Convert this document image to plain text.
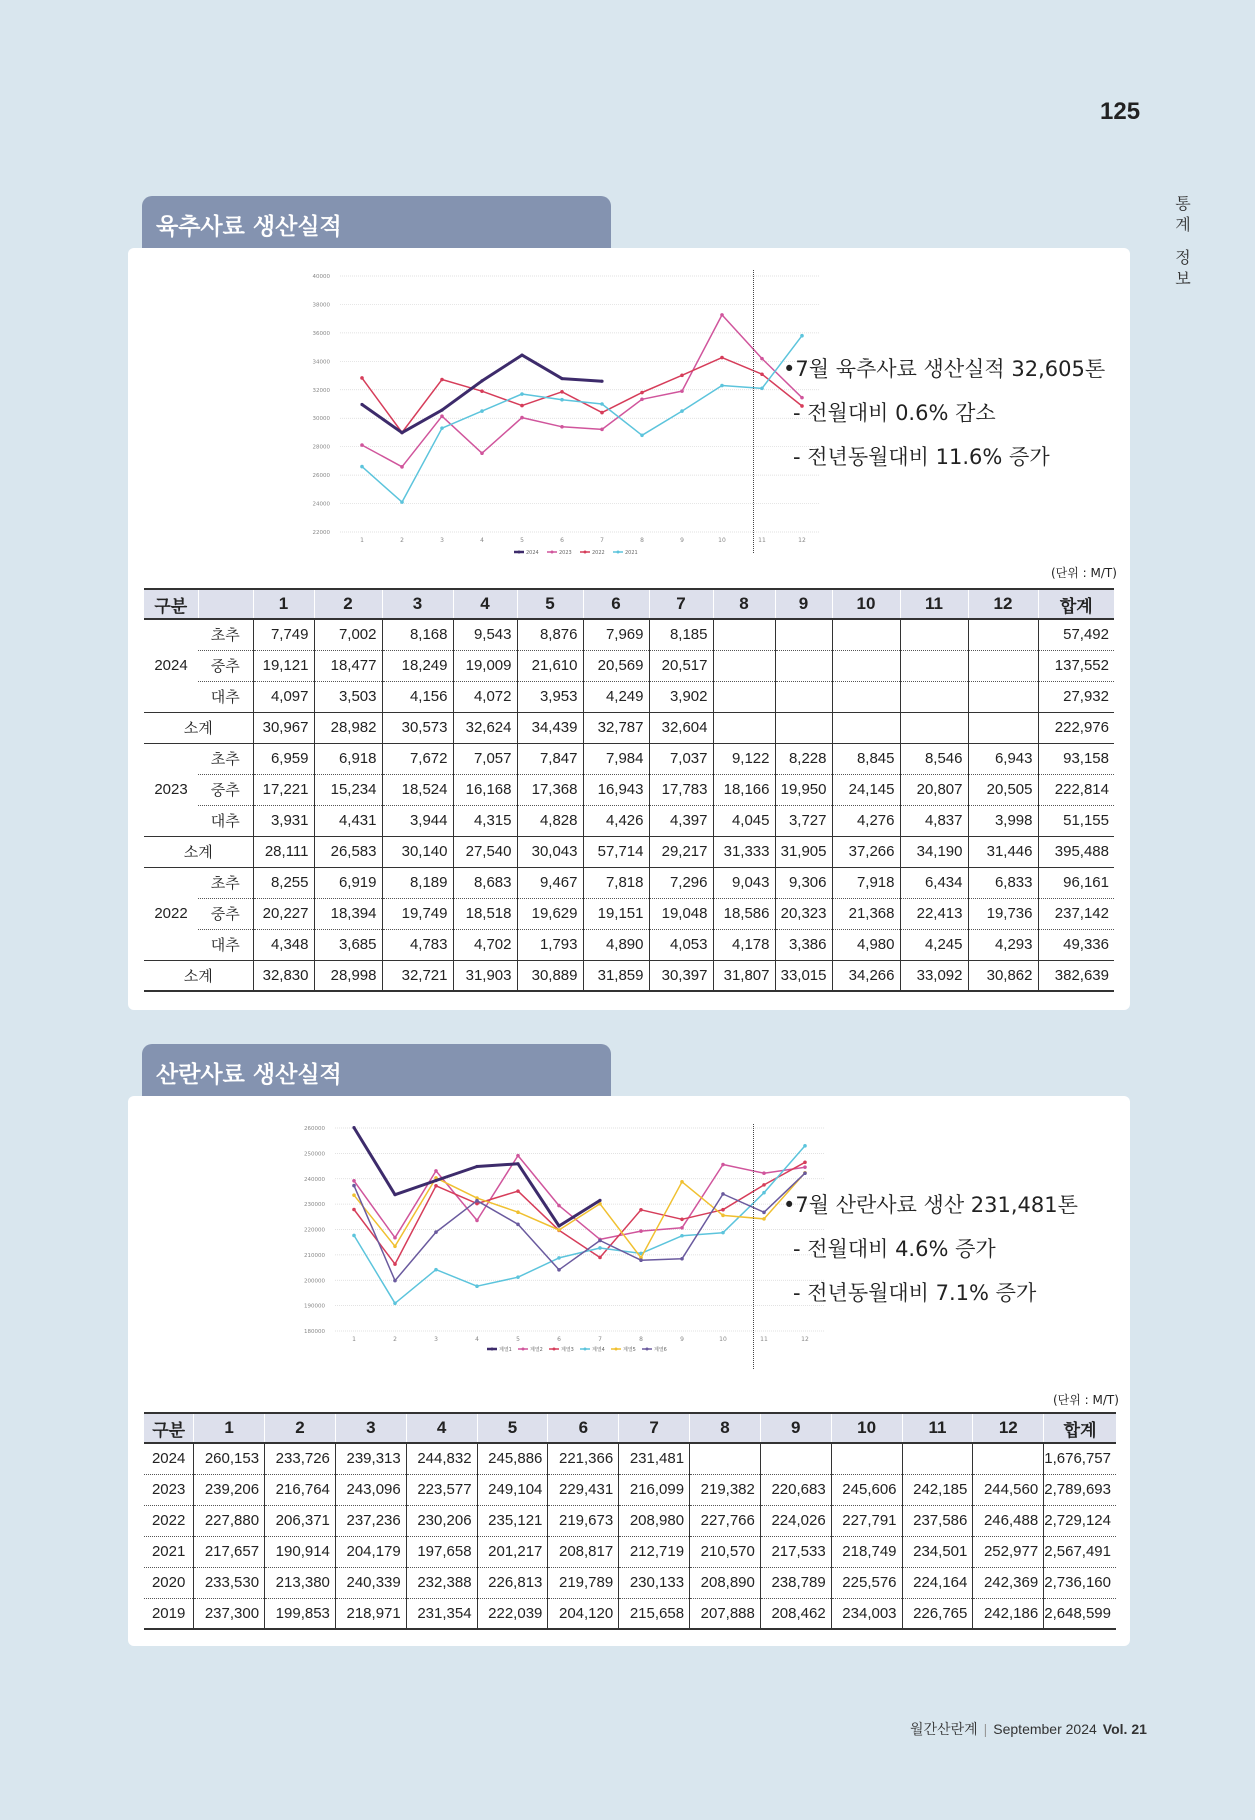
125
통
계
정
보
육추사료 생산실적
40000
38000
36000
34000
32000
30000
28000
26000
24000
22000
1	2	3	4	5	6	7	8	9	10	11	12
2024	2023	2022	2021
•7월 육추사료 생산실적 32,605톤
- 전월대비 0.6% 감소
- 전년동월대비 11.6% 증가
(단위 : M/T)
구분		1	2	3	4	5	6	7	8	9	10	11	12	합계
2024	초추	7,749	7,002	8,168	9,543	8,876	7,969	8,185						57,492
	중추	19,121	18,477	18,249	19,009	21,610	20,569	20,517						137,552
	대추	4,097	3,503	4,156	4,072	3,953	4,249	3,902						27,932
소계		30,967	28,982	30,573	32,624	34,439	32,787	32,604						222,976
2023	초추	6,959	6,918	7,672	7,057	7,847	7,984	7,037	9,122	8,228	8,845	8,546	6,943	93,158
	중추	17,221	15,234	18,524	16,168	17,368	16,943	17,783	18,166	19,950	24,145	20,807	20,505	222,814
	대추	3,931	4,431	3,944	4,315	4,828	4,426	4,397	4,045	3,727	4,276	4,837	3,998	51,155
소계		28,111	26,583	30,140	27,540	30,043	57,714	29,217	31,333	31,905	37,266	34,190	31,446	395,488
2022	초추	8,255	6,919	8,189	8,683	9,467	7,818	7,296	9,043	9,306	7,918	6,434	6,833	96,161
	중추	20,227	18,394	19,749	18,518	19,629	19,151	19,048	18,586	20,323	21,368	22,413	19,736	237,142
	대추	4,348	3,685	4,783	4,702	1,793	4,890	4,053	4,178	3,386	4,980	4,245	4,293	49,336
소계		32,830	28,998	32,721	31,903	30,889	31,859	30,397	31,807	33,015	34,266	33,092	30,862	382,639
산란사료 생산실적
260000
250000
240000
230000
220000
210000
200000
190000
180000
1	2	3	4	5	6	7	8	9	10	11	12
계열1	계열2	계열3	계열4	계열5	계열6
•7월 산란사료 생산 231,481톤
- 전월대비 4.6% 증가
- 전년동월대비 7.1% 증가
(단위 : M/T)
구분	1	2	3	4	5	6	7	8	9	10	11	12	합계
2024	260,153	233,726	239,313	244,832	245,886	221,366	231,481						1,676,757
2023	239,206	216,764	243,096	223,577	249,104	229,431	216,099	219,382	220,683	245,606	242,185	244,560	2,789,693
2022	227,880	206,371	237,236	230,206	235,121	219,673	208,980	227,766	224,026	227,791	237,586	246,488	2,729,124
2021	217,657	190,914	204,179	197,658	201,217	208,817	212,719	210,570	217,533	218,749	234,501	252,977	2,567,491
2020	233,530	213,380	240,339	232,388	226,813	219,789	230,133	208,890	238,789	225,576	224,164	242,369	2,736,160
2019	237,300	199,853	218,971	231,354	222,039	204,120	215,658	207,888	208,462	234,003	226,765	242,186	2,648,599
월간산란계 | September 2024 Vol. 21
